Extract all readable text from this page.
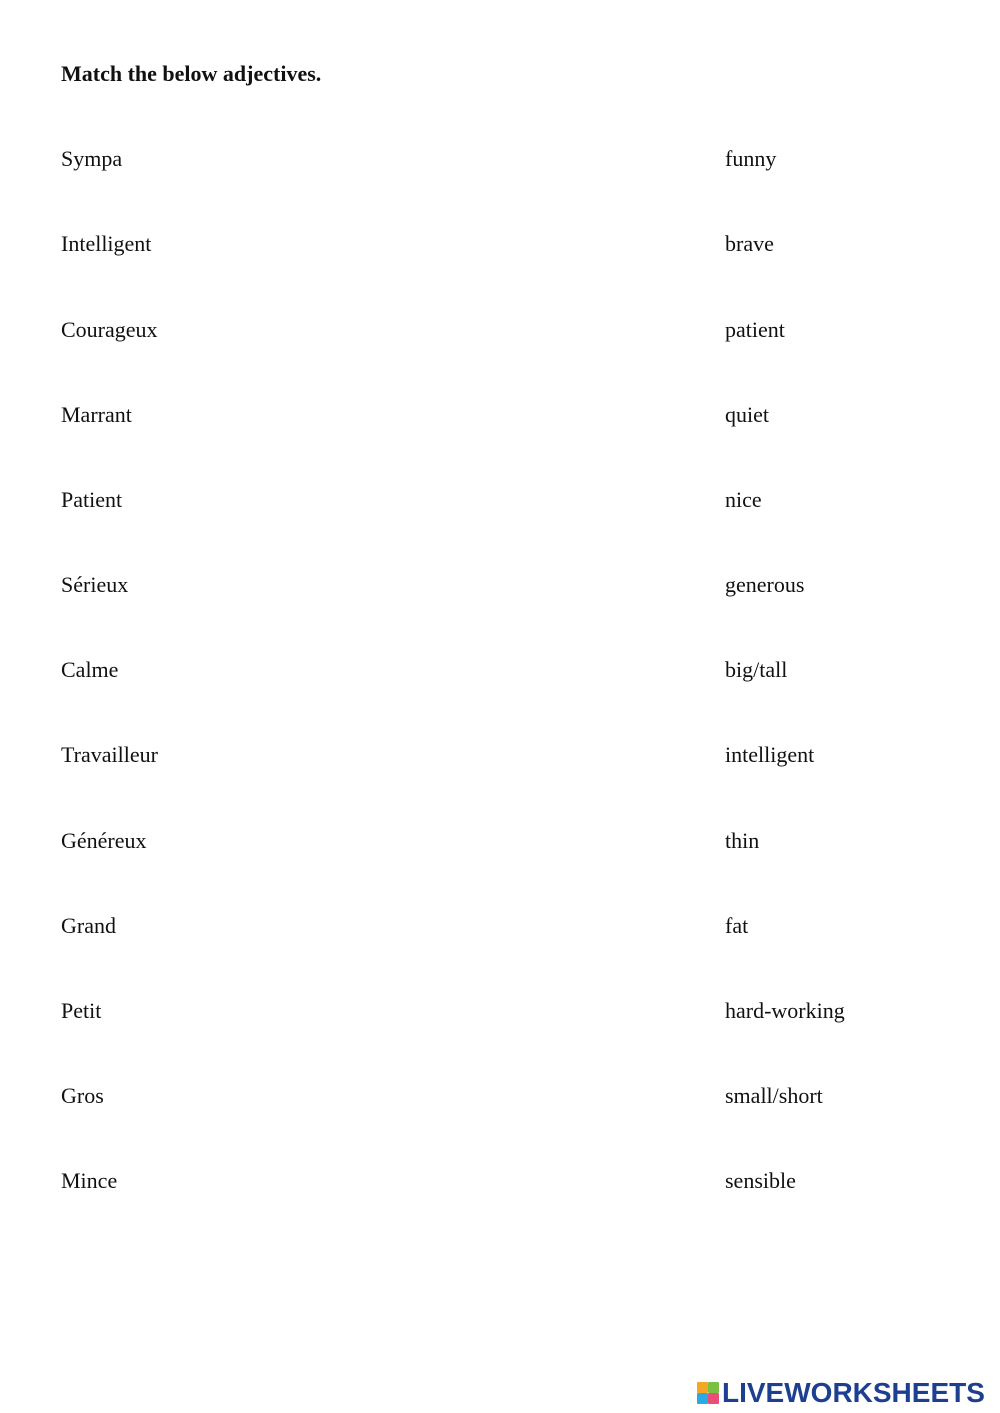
Match the below adjectives.
Sympa
Intelligent
Courageux
Marrant
Patient
Sérieux
Calme
Travailleur
Généreux
Grand
Petit
Gros
Mince
funny
brave
patient
quiet
nice
generous
big/tall
intelligent
thin
fat
hard-working
small/short
sensible
LIVEWORKSHEETS
